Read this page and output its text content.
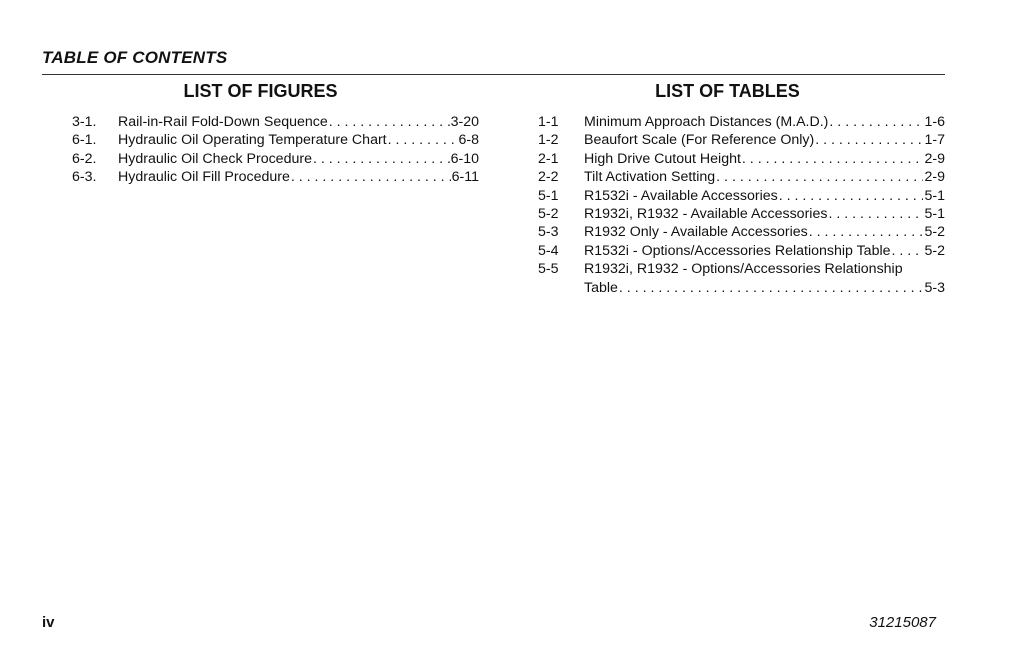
TABLE OF CONTENTS
LIST OF FIGURES	LIST OF TABLES
3-1.	Rail-in-Rail Fold-Down Sequence . . .	3-20
6-1.	Hydraulic Oil Operating Temperature Chart . . .	6-8
6-2.	Hydraulic Oil Check Procedure . . .	6-10
6-3.	Hydraulic Oil Fill Procedure . . .	6-11
1-1	Minimum Approach Distances (M.A.D.) . . .	1-6
1-2	Beaufort Scale (For Reference Only) . . .	1-7
2-1	High Drive Cutout Height . . .	2-9
2-2	Tilt Activation Setting . . .	2-9
5-1	R1532i - Available Accessories . . .	5-1
5-2	R1932i, R1932 - Available Accessories . . .	5-1
5-3	R1932 Only - Available Accessories . . .	5-2
5-4	R1532i - Options/Accessories Relationship Table . . . 5-2
5-5	R1932i, R1932 - Options/Accessories Relationship
Table . . .	5-3
iv	31215087
